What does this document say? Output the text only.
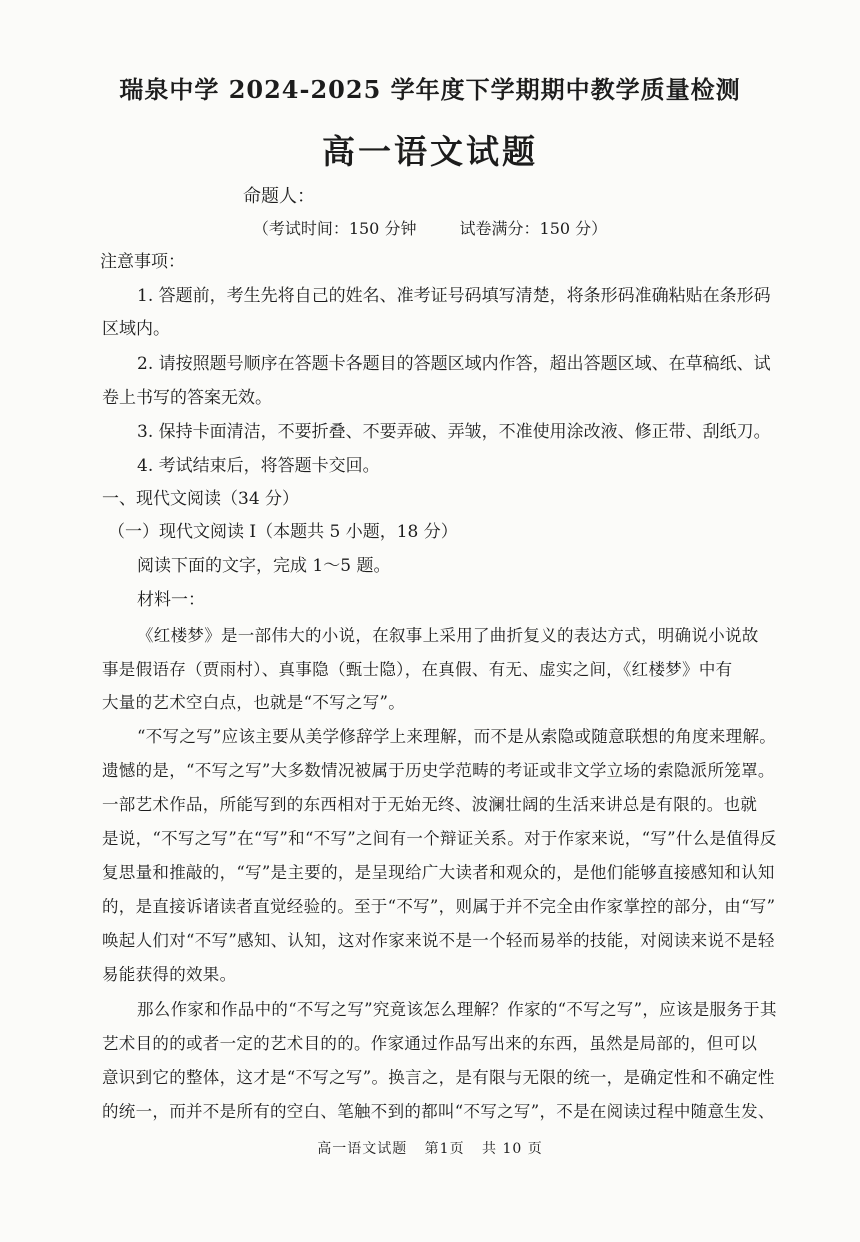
瑞泉中学 2024-2025 学年度下学期期中教学质量检测
高一语文试题
命题人：
（考试时间：150 分钟	试卷满分：150 分）
注意事项：
1. 答题前，考生先将自己的姓名、准考证号码填写清楚，将条形码准确粘贴在条形码
区域内。
2. 请按照题号顺序在答题卡各题目的答题区域内作答，超出答题区域、在草稿纸、试
卷上书写的答案无效。
3. 保持卡面清洁，不要折叠、不要弄破、弄皱，不准使用涂改液、修正带、刮纸刀。
4. 考试结束后，将答题卡交回。
一、现代文阅读（34 分）
（一）现代文阅读 I（本题共 5 小题，18 分）
阅读下面的文字，完成 1～5 题。
材料一：
《红楼梦》是一部伟大的小说，在叙事上采用了曲折复义的表达方式，明确说小说故
事是假语存（贾雨村）、真事隐（甄士隐），在真假、有无、虚实之间，《红楼梦》中有
大量的艺术空白点，也就是“不写之写”。
“不写之写”应该主要从美学修辞学上来理解，而不是从索隐或随意联想的角度来理解。
遗憾的是，“不写之写”大多数情况被属于历史学范畴的考证或非文学立场的索隐派所笼罩。
一部艺术作品，所能写到的东西相对于无始无终、波澜壮阔的生活来讲总是有限的。也就
是说，“不写之写”在“写”和“不写”之间有一个辩证关系。对于作家来说，“写”什么是值得反
复思量和推敲的，“写”是主要的，是呈现给广大读者和观众的，是他们能够直接感知和认知
的，是直接诉诸读者直觉经验的。至于“不写”，则属于并不完全由作家掌控的部分，由“写”
唤起人们对“不写”感知、认知，这对作家来说不是一个轻而易举的技能，对阅读来说不是轻
易能获得的效果。
那么作家和作品中的“不写之写”究竟该怎么理解？作家的“不写之写”，应该是服务于其
艺术目的的或者一定的艺术目的的。作家通过作品写出来的东西，虽然是局部的，但可以
意识到它的整体，这才是“不写之写”。换言之，是有限与无限的统一，是确定性和不确定性
的统一，而并不是所有的空白、笔触不到的都叫“不写之写”，不是在阅读过程中随意生发、
高一语文试题 第1页 共 10 页
